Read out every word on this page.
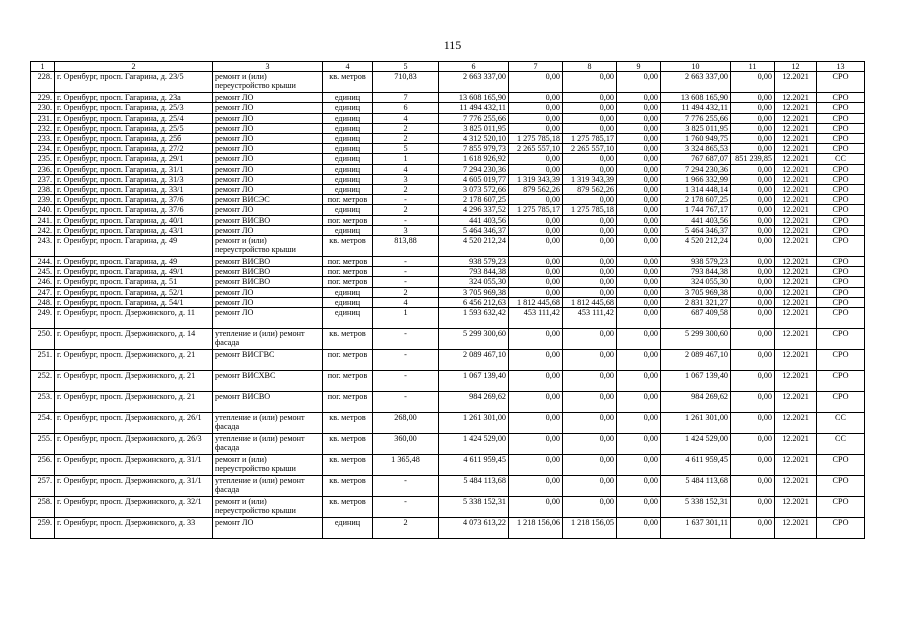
115
1	2	3	4	5	6	7	8	9	10	11	12	13
228.	г. Оренбург, просп. Гагарина, д. 23/5	ремонт и (или) переустройство крыши	кв. метров	710,83	2 663 337,00	0,00	0,00	0,00	2 663 337,00	0,00	12.2021	СРО
229.	г. Оренбург, просп. Гагарина, д. 23а	ремонт ЛО	единиц	7	13 608 165,90	0,00	0,00	0,00	13 608 165,90	0,00	12.2021	СРО
230.	г. Оренбург, просп. Гагарина, д. 25/3	ремонт ЛО	единиц	6	11 494 432,11	0,00	0,00	0,00	11 494 432,11	0,00	12.2021	СРО
231.	г. Оренбург, просп. Гагарина, д. 25/4	ремонт ЛО	единиц	4	7 776 255,66	0,00	0,00	0,00	7 776 255,66	0,00	12.2021	СРО
232.	г. Оренбург, просп. Гагарина, д. 25/5	ремонт ЛО	единиц	2	3 825 011,95	0,00	0,00	0,00	3 825 011,95	0,00	12.2021	СРО
233.	г. Оренбург, просп. Гагарина, д. 25б	ремонт ЛО	единиц	2	4 312 520,10	1 275 785,18	1 275 785,17	0,00	1 760 949,75	0,00	12.2021	СРО
234.	г. Оренбург, просп. Гагарина, д. 27/2	ремонт ЛО	единиц	5	7 855 979,73	2 265 557,10	2 265 557,10	0,00	3 324 865,53	0,00	12.2021	СРО
235.	г. Оренбург, просп. Гагарина, д. 29/1	ремонт ЛО	единиц	1	1 618 926,92	0,00	0,00	0,00	767 687,07	851 239,85	12.2021	СС
236.	г. Оренбург, просп. Гагарина, д. 31/1	ремонт ЛО	единиц	4	7 294 230,36	0,00	0,00	0,00	7 294 230,36	0,00	12.2021	СРО
237.	г. Оренбург, просп. Гагарина, д. 31/3	ремонт ЛО	единиц	3	4 605 019,77	1 319 343,39	1 319 343,39	0,00	1 966 332,99	0,00	12.2021	СРО
238.	г. Оренбург, просп. Гагарина, д. 33/1	ремонт ЛО	единиц	2	3 073 572,66	879 562,26	879 562,26	0,00	1 314 448,14	0,00	12.2021	СРО
239.	г. Оренбург, просп. Гагарина, д. 37/6	ремонт ВИСЭС	пог. метров	-	2 178 607,25	0,00	0,00	0,00	2 178 607,25	0,00	12.2021	СРО
240.	г. Оренбург, просп. Гагарина, д. 37/6	ремонт ЛО	единиц	2	4 296 337,52	1 275 785,17	1 275 785,18	0,00	1 744 767,17	0,00	12.2021	СРО
241.	г. Оренбург, просп. Гагарина, д. 40/1	ремонт ВИСВО	пог. метров	-	441 403,56	0,00	0,00	0,00	441 403,56	0,00	12.2021	СРО
242.	г. Оренбург, просп. Гагарина, д. 43/1	ремонт ЛО	единиц	3	5 464 346,37	0,00	0,00	0,00	5 464 346,37	0,00	12.2021	СРО
243.	г. Оренбург, просп. Гагарина, д. 49	ремонт и (или) переустройство крыши	кв. метров	813,88	4 520 212,24	0,00	0,00	0,00	4 520 212,24	0,00	12.2021	СРО
244.	г. Оренбург, просп. Гагарина, д. 49	ремонт ВИСВО	пог. метров	-	938 579,23	0,00	0,00	0,00	938 579,23	0,00	12.2021	СРО
245.	г. Оренбург, просп. Гагарина, д. 49/1	ремонт ВИСВО	пог. метров	-	793 844,38	0,00	0,00	0,00	793 844,38	0,00	12.2021	СРО
246.	г. Оренбург, просп. Гагарина, д. 51	ремонт ВИСВО	пог. метров	-	324 055,30	0,00	0,00	0,00	324 055,30	0,00	12.2021	СРО
247.	г. Оренбург, просп. Гагарина, д. 52/1	ремонт ЛО	единиц	2	3 705 969,38	0,00	0,00	0,00	3 705 969,38	0,00	12.2021	СРО
248.	г. Оренбург, просп. Гагарина, д. 54/1	ремонт ЛО	единиц	4	6 456 212,63	1 812 445,68	1 812 445,68	0,00	2 831 321,27	0,00	12.2021	СРО
249.	г. Оренбург, просп. Дзержинского, д. 11	ремонт ЛО	единиц	1	1 593 632,42	453 111,42	453 111,42	0,00	687 409,58	0,00	12.2021	СРО
250.	г. Оренбург, просп. Дзержинского, д. 14	утепление и (или) ремонт фасада	кв. метров	-	5 299 300,60	0,00	0,00	0,00	5 299 300,60	0,00	12.2021	СРО
251.	г. Оренбург, просп. Дзержинского, д. 21	ремонт ВИСГВС	пог. метров	-	2 089 467,10	0,00	0,00	0,00	2 089 467,10	0,00	12.2021	СРО
252.	г. Оренбург, просп. Дзержинского, д. 21	ремонт ВИСХВС	пог. метров	-	1 067 139,40	0,00	0,00	0,00	1 067 139,40	0,00	12.2021	СРО
253.	г. Оренбург, просп. Дзержинского, д. 21	ремонт ВИСВО	пог. метров	-	984 269,62	0,00	0,00	0,00	984 269,62	0,00	12.2021	СРО
254.	г. Оренбург, просп. Дзержинского, д. 26/1	утепление и (или) ремонт фасада	кв. метров	268,00	1 261 301,00	0,00	0,00	0,00	1 261 301,00	0,00	12.2021	СС
255.	г. Оренбург, просп. Дзержинского, д. 26/3	утепление и (или) ремонт фасада	кв. метров	360,00	1 424 529,00	0,00	0,00	0,00	1 424 529,00	0,00	12.2021	СС
256.	г. Оренбург, просп. Дзержинского, д. 31/1	ремонт и (или) переустройство крыши	кв. метров	1 365,48	4 611 959,45	0,00	0,00	0,00	4 611 959,45	0,00	12.2021	СРО
257.	г. Оренбург, просп. Дзержинского, д. 31/1	утепление и (или) ремонт фасада	кв. метров	-	5 484 113,68	0,00	0,00	0,00	5 484 113,68	0,00	12.2021	СРО
258.	г. Оренбург, просп. Дзержинского, д. 32/1	ремонт и (или) переустройство крыши	кв. метров	-	5 338 152,31	0,00	0,00	0,00	5 338 152,31	0,00	12.2021	СРО
259.	г. Оренбург, просп. Дзержинского, д. 33	ремонт ЛО	единиц	2	4 073 613,22	1 218 156,06	1 218 156,05	0,00	1 637 301,11	0,00	12.2021	СРО
